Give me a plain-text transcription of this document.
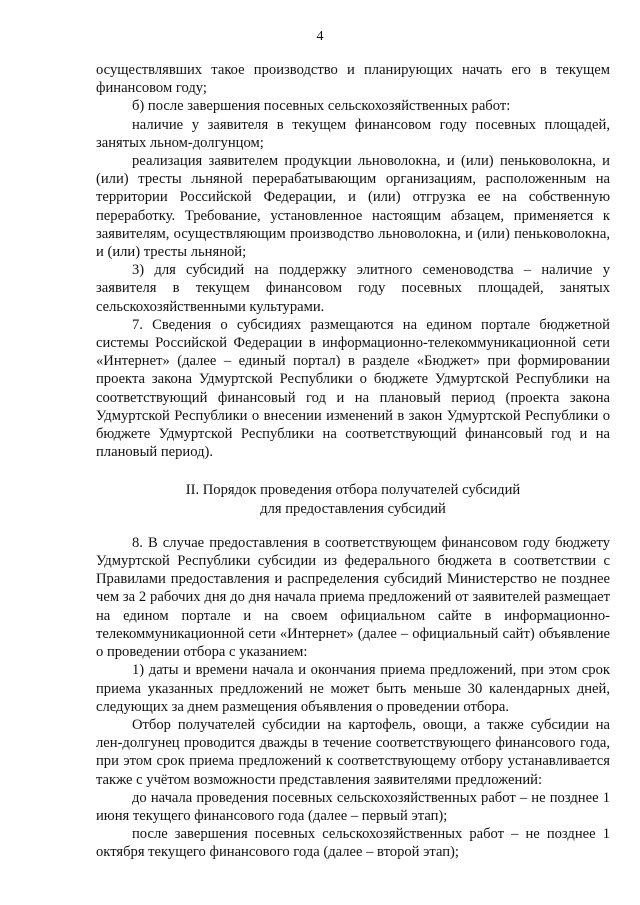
4

осуществлявших такое производство и планирующих начать его в текущем финансовом году;

б) после завершения посевных сельскохозяйственных работ:

наличие у заявителя в текущем финансовом году посевных площадей, занятых льном-долгунцом;

реализация заявителем продукции льноволокна, и (или) пеньковолокна, и (или) тресты льняной перерабатывающим организациям, расположенным на территории Российской Федерации, и (или) отгрузка ее на собственную переработку. Требование, установленное настоящим абзацем, применяется к заявителям, осуществляющим производство льноволокна, и (или) пеньковолокна, и (или) тресты льняной;

3) для субсидий на поддержку элитного семеноводства – наличие у заявителя в текущем финансовом году посевных площадей, занятых сельскохозяйственными культурами.

7. Сведения о субсидиях размещаются на едином портале бюджетной системы Российской Федерации в информационно-телекоммуникационной сети «Интернет» (далее – единый портал) в разделе «Бюджет» при формировании проекта закона Удмуртской Республики о бюджете Удмуртской Республики на соответствующий финансовый год и на плановый период (проекта закона Удмуртской Республики о внесении изменений в закон Удмуртской Республики о бюджете Удмуртской Республики на соответствующий финансовый год и на плановый период).

II. Порядок проведения отбора получателей субсидий
для предоставления субсидий

8. В случае предоставления в соответствующем финансовом году бюджету Удмуртской Республики субсидии из федерального бюджета в соответствии с Правилами предоставления и распределения субсидий Министерство не позднее чем за 2 рабочих дня до дня начала приема предложений от заявителей размещает на едином портале и на своем официальном сайте в информационно-телекоммуникационной сети «Интернет» (далее – официальный сайт) объявление о проведении отбора с указанием:

1) даты и времени начала и окончания приема предложений, при этом срок приема указанных предложений не может быть меньше 30 календарных дней, следующих за днем размещения объявления о проведении отбора.

Отбор получателей субсидии на картофель, овощи, а также субсидии на лен-долгунец проводится дважды в течение соответствующего финансового года, при этом срок приема предложений к соответствующему отбору устанавливается также с учётом возможности представления заявителями предложений:

до начала проведения посевных сельскохозяйственных работ – не позднее 1 июня текущего финансового года (далее – первый этап);

после завершения посевных сельскохозяйственных работ – не позднее 1 октября текущего финансового года (далее – второй этап);
